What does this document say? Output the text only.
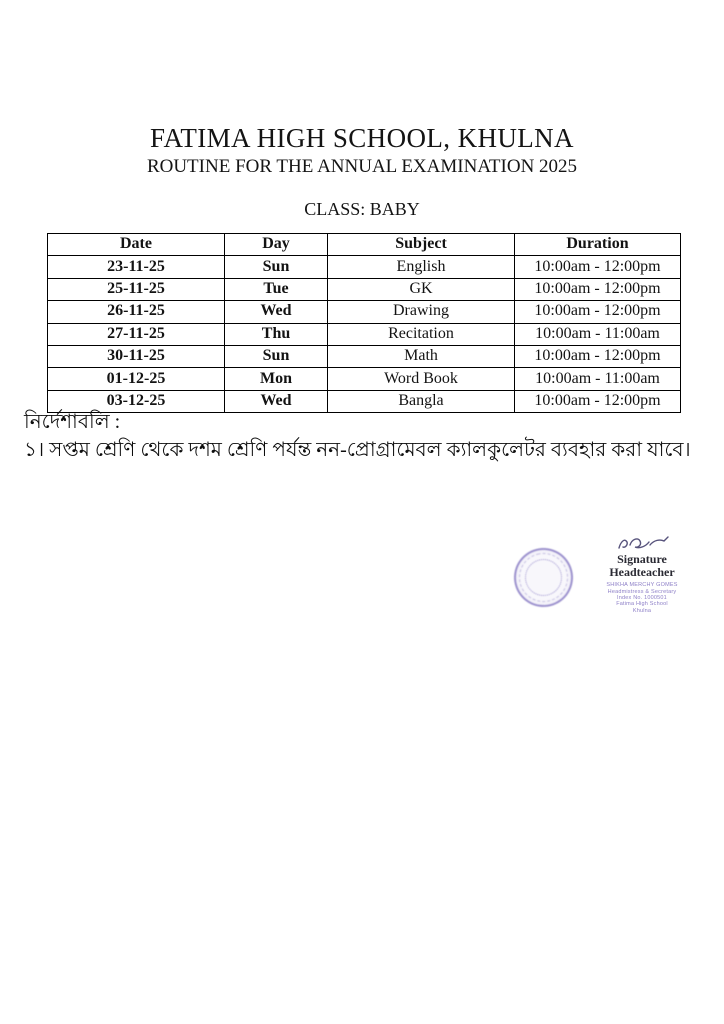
FATIMA HIGH SCHOOL, KHULNA
ROUTINE FOR THE ANNUAL EXAMINATION 2025
CLASS: BABY
Date	Day	Subject	Duration
23-11-25	Sun	English	10:00am - 12:00pm
25-11-25	Tue	GK	10:00am - 12:00pm
26-11-25	Wed	Drawing	10:00am - 12:00pm
27-11-25	Thu	Recitation	10:00am - 11:00am
30-11-25	Sun	Math	10:00am - 12:00pm
01-12-25	Mon	Word Book	10:00am - 11:00am
03-12-25	Wed	Bangla	10:00am - 12:00pm
নির্দেশাবলি :
১। সপ্তম শ্রেণি থেকে দশম শ্রেণি পর্যন্ত নন-প্রোগ্রামেবল ক্যালকুলেটর ব্যবহার করা যাবে।
Signature
Headteacher
SHIKHA MERCHY GOMES
Headmistress & Secretary
Index No. 1000501
Fatima High School
Khulna
